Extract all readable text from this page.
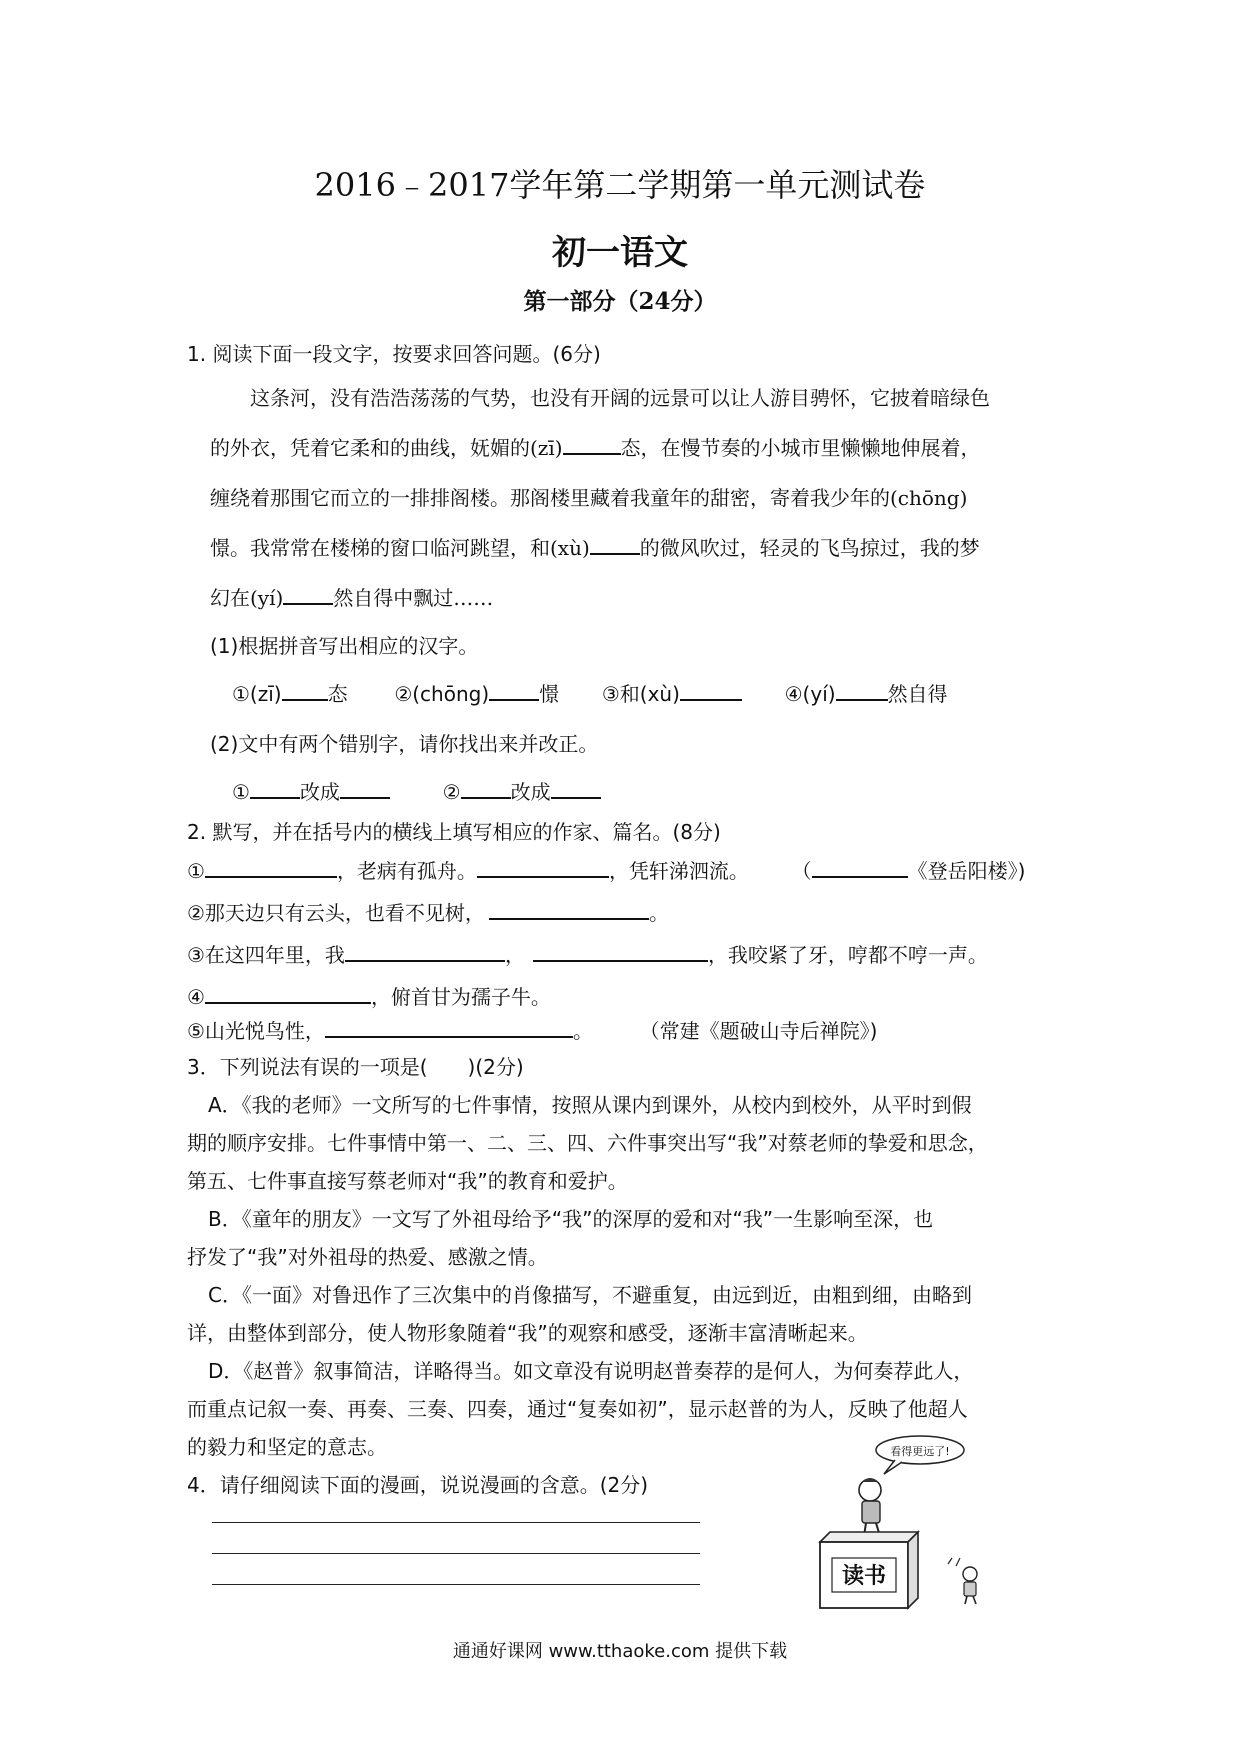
2016﹣2017学年第二学期第一单元测试卷
初一语文
第一部分（24分）
1. 阅读下面一段文字，按要求回答问题。(6分)
这条河，没有浩浩荡荡的气势，也没有开阔的远景可以让人游目骋怀，它披着暗绿色
的外衣，凭着它柔和的曲线，妩媚的(zī)	态，在慢节奏的小城市里懒懒地伸展着，
缠绕着那围它而立的一排排阁楼。那阁楼里藏着我童年的甜密，寄着我少年的(chōng)
憬。我常常在楼梯的窗口临河跳望，和(xù)	的微风吹过，轻灵的飞鸟掠过，我的梦
幻在(yí)	然自得中飘过……
(1)根据拼音写出相应的汉字。
①(zī) 态 ②(chōng)	憬 ③和(xù)	④(yí)	然自得
(2)文中有两个错别字，请你找出来并改正。
①	改成	②	改成
2. 默写，并在括号内的横线上填写相应的作家、篇名。(8分)
①	，老病有孤舟。	，凭轩涕泗流。 （	《登岳阳楼》)
②那天边只有云头，也看不见树，	。
③在这四年里，我	，	，我咬紧了牙，哼都不哼一声。
④	，俯首甘为孺子牛。
⑤山光悦鸟性，	。 （常建《题破山寺后禅院》)
3．下列说法有误的一项是(　　)(2分)
A．《我的老师》一文所写的七件事情，按照从课内到课外，从校内到校外，从平时到假
期的顺序安排。七件事情中第一、二、三、四、六件事突出写“我”对蔡老师的挚爱和思念，
第五、七件事直接写蔡老师对“我”的教育和爱护。
B．《童年的朋友》一文写了外祖母给予“我”的深厚的爱和对“我”一生影响至深，也
抒发了“我”对外祖母的热爱、感激之情。
C．《一面》对鲁迅作了三次集中的肖像描写，不避重复，由远到近，由粗到细，由略到
详，由整体到部分，使人物形象随着“我”的观察和感受，逐渐丰富清晰起来。
D．《赵普》叙事简洁，详略得当。如文章没有说明赵普奏荐的是何人，为何奏荐此人，
而重点记叙一奏、再奏、三奏、四奏，通过“复奏如初”，显示赵普的为人，反映了他超人
的毅力和坚定的意志。
4．请仔细阅读下面的漫画，说说漫画的含意。(2分)
看得更远了!
读书
通通好课网 www.tthaoke.com 提供下载
